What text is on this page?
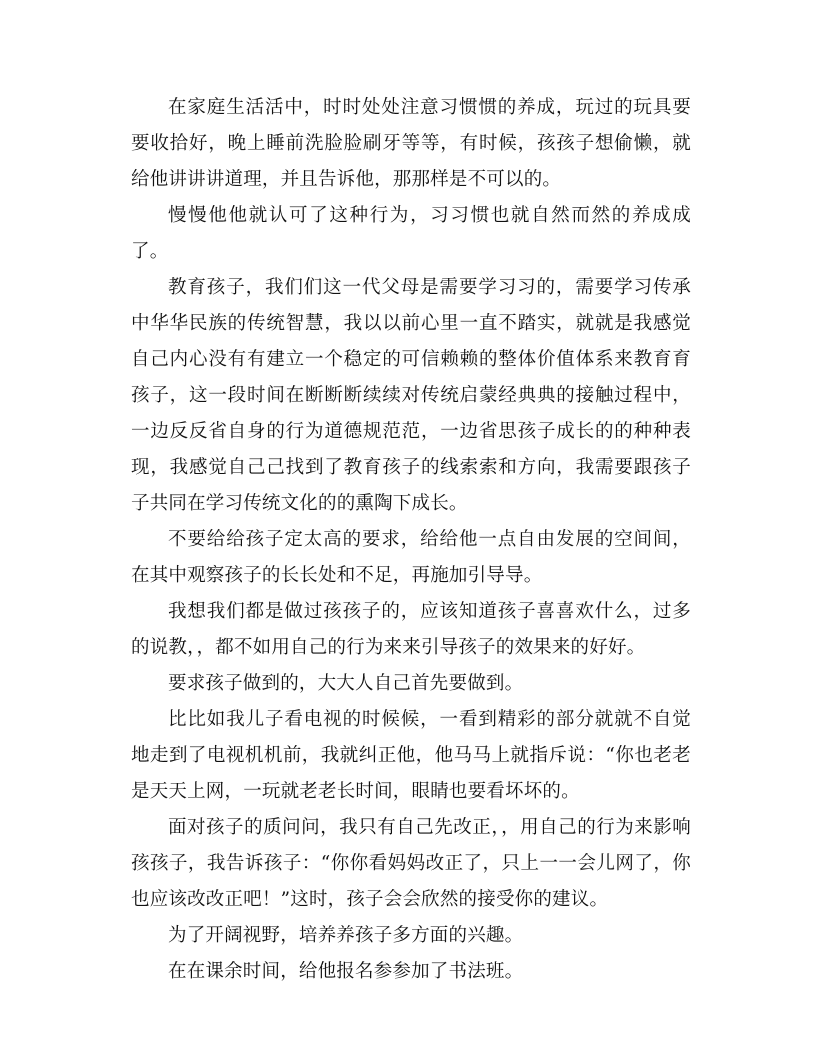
在家庭生活活中，时时处处注意习惯惯的养成，玩过的玩具要要收拾好，晚上睡前洗脸脸刷牙等等，有时候，孩孩子想偷懒，就给他讲讲讲道理，并且告诉他，那那样是不可以的。

慢慢他他就认可了这种行为，习习惯也就自然而然的养成成了。

教育孩子，我们们这一代父母是需要学习习的，需要学习传承中华华民族的传统智慧，我以以前心里一直不踏实，就就是我感觉自己内心没有有建立一个稳定的可信赖赖的整体价值体系来教育育孩子，这一段时间在断断断续续对传统启蒙经典典的接触过程中，一边反反省自身的行为道德规范范，一边省思孩子成长的的种种表现，我感觉自己己找到了教育孩子的线索索和方向，我需要跟孩子子共同在学习传统文化的的熏陶下成长。

不要给给孩子定太高的要求，给给他一点自由发展的空间间，在其中观察孩子的长长处和不足，再施加引导导。

我想我们都是做过孩孩子的，应该知道孩子喜喜欢什么，过多的说教，，都不如用自己的行为来来引导孩子的效果来的好好。

要求孩子做到的，大大人自己首先要做到。

比比如我儿子看电视的时候候，一看到精彩的部分就就不自觉地走到了电视机机前，我就纠正他，他马马上就指斥说：“你也老老是天天上网，一玩就老老长时间，眼睛也要看坏坏的。

面对孩子的质问问，我只有自己先改正，，用自己的行为来影响孩孩子，我告诉孩子：“你你看妈妈改正了，只上一一会儿网了，你也应该改改正吧！”这时，孩子会会欣然的接受你的建议。

为了开阔视野，培养养孩子多方面的兴趣。

在在课余时间，给他报名参参加了书法班。
